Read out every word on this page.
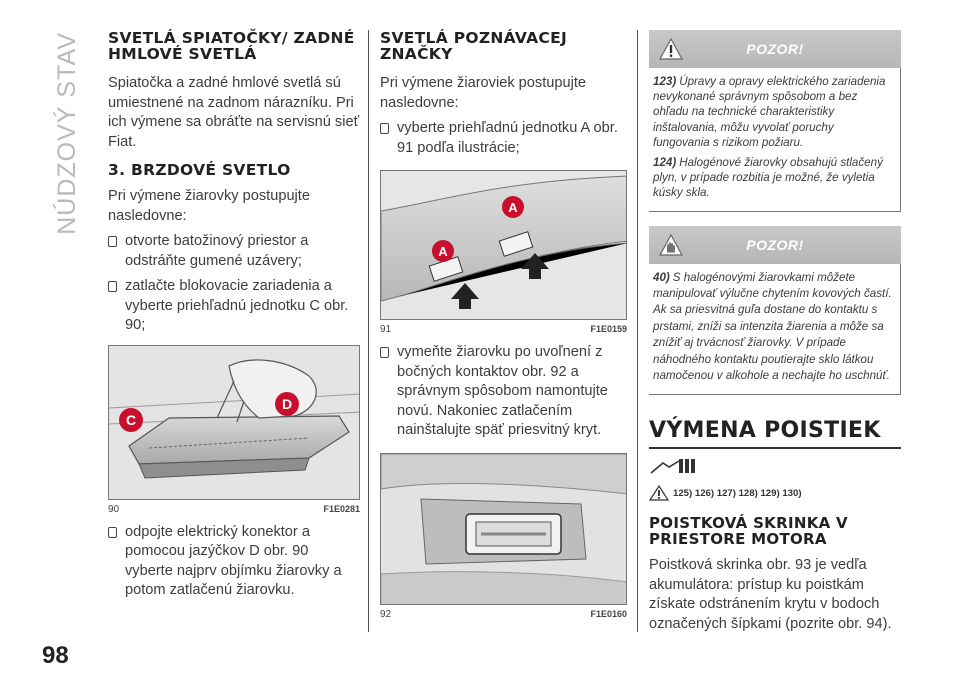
NÚDZOVÝ STAV
98
SVETLÁ SPIATOČKY/ ZADNÉ HMLOVÉ SVETLÁ

Spiatočka a zadné hmlové svetlá sú umiestnené na zadnom nárazníku. Pri ich výmene sa obráťte na servisnú sieť Fiat.

3. BRZDOVÉ SVETLO

Pri výmene žiarovky postupujte nasledovne:

otvorte batožinový priestor a odstráňte gumené uzávery;
zatlačte blokovacie zariadenia a vyberte priehľadnú jednotku C obr. 90;
C
D
90	F1E0281
odpojte elektrický konektor a pomocou jazýčkov D obr. 90 vyberte najprv objímku žiarovky a potom zatlačenú žiarovku.
SVETLÁ POZNÁVACEJ ZNAČKY

Pri výmene žiaroviek postupujte nasledovne:

vyberte priehľadnú jednotku A obr. 91 podľa ilustrácie;
A
A
91	F1E0159
vymeňte žiarovku po uvoľnení z bočných kontaktov obr. 92 a správnym spôsobom namontujte novú. Nakoniec zatlačením nainštalujte späť priesvitný kryt.
92	F1E0160
POZOR!

123) Úpravy a opravy elektrického zariadenia nevykonané správnym spôsobom a bez ohľadu na technické charakteristiky inštalovania, môžu vyvolať poruchy fungovania s rizikom požiaru.

124) Halogénové žiarovky obsahujú stlačený plyn, v prípade rozbitia je možné, že vyletia kúsky skla.

POZOR!

40) S halogénovými žiarovkami môžete manipulovať výlučne chytením kovových častí. Ak sa priesvitná guľa dostane do kontaktu s prstami, zníži sa intenzita žiarenia a môže sa znížiť aj trvácnosť žiarovky. V prípade náhodného kontaktu poutierajte sklo látkou namočenou v alkohole a nechajte ho uschnúť.

VÝMENA POISTIEK
125) 126) 127) 128) 129) 130)
POISTKOVÁ SKRINKA V PRIESTORE MOTORA

Poistková skrinka obr. 93 je vedľa akumulátora: prístup ku poistkám získate odstránením krytu v bodoch označených šípkami (pozrite obr. 94).
